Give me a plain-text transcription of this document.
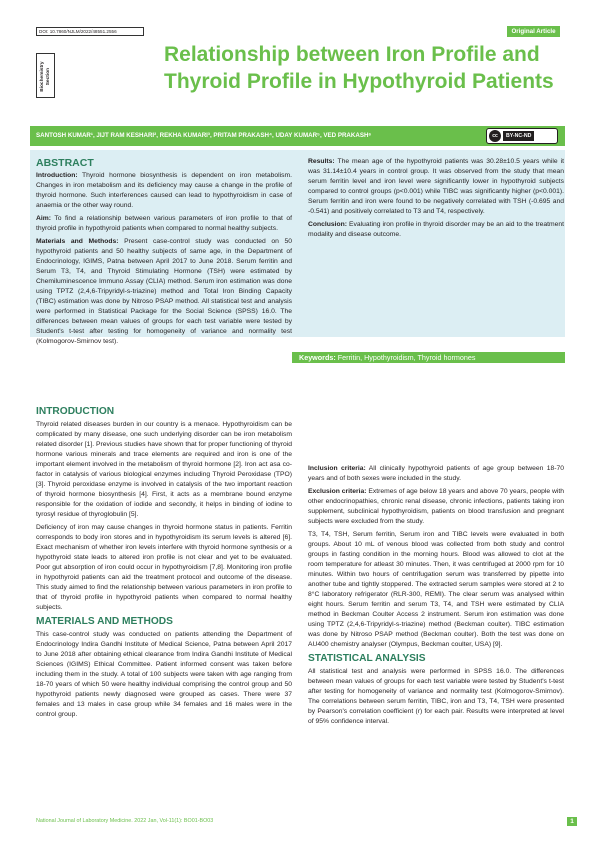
DOI: 10.7860/NJLM/2022/48551.2556	Original Article
Biochemistry Section
Relationship between Iron Profile and Thyroid Profile in Hypothyroid Patients
SANTOSH KUMAR¹, JIJT RAM KESHARI², REKHA KUMARI³, PRITAM PRAKASH⁴, UDAY KUMAR⁵, VED PRAKASH⁶	cc	BY-NC-ND
ABSTRACT

Introduction: Thyroid hormone biosynthesis is dependent on iron metabolism. Changes in iron metabolism and its deficiency may cause a change in the profile of thyroid hormone. Such interferences caused can lead to hypothyroidism in case of anaemia or the other way round.

Aim: To find a relationship between various parameters of iron profile to that of thyroid profile in hypothyroid patients when compared to normal healthy subjects.

Materials and Methods: Present case-control study was conducted on 50 hypothyroid patients and 50 healthy subjects of same age, in the Department of Endocrinology, IGIMS, Patna between April 2017 to June 2018. Serum ferritin and Serum T3, T4, and Thyroid Stimulating Hormone (TSH) were estimated by Chemiluminescence Immuno Assay (CLIA) method. Serum iron estimation was done using TPTZ (2,4,6-Tripyridyl-s-triazine) method and Total Iron Binding Capacity (TIBC) estimation was done by Nitroso PSAP method. All statistical test and analysis were performed in Statistical Package for the Social Science (SPSS) 16.0. The differences between mean values of groups for each test variable were tested by Student's t-test after testing for homogeneity of variance and normality test (Kolmogorov-Smirnov test).

Results: The mean age of the hypothyroid patients was 30.28±10.5 years while it was 31.14±10.4 years in control group. It was observed from the study that mean serum ferritin level and iron level were significantly lower in hypothyroid subjects compared to control groups (p<0.001) while TIBC was significantly higher (p<0.001). Serum ferritin and iron were found to be negatively correlated with TSH (-0.695 and -0.541) and positively correlated to T3 and T4, respectively.

Conclusion: Evaluating iron profile in thyroid disorder may be an aid to the treatment modality and disease outcome.

Keywords: Ferritin, Hypothyroidism, Thyroid hormones
INTRODUCTION

Thyroid related diseases burden in our country is a menace. Hypothyroidism can be complicated by many disease, one such underlying disorder can be iron metabolism related disorder [1]. Previous studies have shown that for proper functioning of thyroid hormone various minerals and trace elements are required and iron is one of the important element involved in the metabolism of thyroid hormone [2]. Iron act asa co-factor in catalysis of various biological enzymes including Thyroid Peroxidase (TPO) [3]. Thyroid peroxidase enzyme is involved in catalysis of the two important reaction of thyroid hormone biosynthesis [4]. First, it acts as a membrane bound enzyme responsible for the oxidation of iodide and secondly, it helps in binding of iodine to tyrosyl residue of thyroglobulin [5].

Deficiency of iron may cause changes in thyroid hormone status in patients. Ferritin corresponds to body iron stores and in hypothyroidism its serum levels is altered [6]. Exact mechanism of whether iron levels interfere with thyroid hormone synthesis or a hypothyroid state leads to altered iron profile is not clear and yet to be evaluated. Poor gut absorption of iron could occur in hypothyroidism [7,8]. Monitoring iron profile in hypothyroid patients can aid the treatment protocol and outcome of the disease. This study aimed to find the relationship between various parameters in iron profile to that of thyroid profile in hypothyroid patients when compared to normal healthy subjects.

MATERIALS AND METHODS

This case-control study was conducted on patients attending the Department of Endocrinology Indira Gandhi Institute of Medical Science, Patna between April 2017 to June 2018 after obtaining ethical clearance from Indira Gandhi Institute of Medical Sciences (IGIMS) Ethical Committee. Patient informed consent was taken before including them in the study. A total of 100 subjects were taken with age ranging from 18-70 years of which 50 were healthy individual comprising the control group and 50 hypothyroid patients newly diagnosed were grouped as cases. There were 37 females and 13 males in case group while 34 females and 16 males were in the control group.

Inclusion criteria: All clinically hypothyroid patients of age group between 18-70 years and of both sexes were included in the study.

Exclusion criteria: Extremes of age below 18 years and above 70 years, people with other endocrinopathies, chronic renal disease, chronic infections, patients taking iron supplement, subclinical hypothyroidism, patients on blood transfusion and pregnant subjects were excluded from the study.

T3, T4, TSH, Serum ferritin, Serum iron and TIBC levels were evaluated in both groups. About 10 mL of venous blood was collected from both study and control groups in fasting condition in the morning hours. Blood was allowed to clot at the room temperature for atleast 30 minutes. Then, it was centrifuged at 2000 rpm for 10 minutes. Within two hours of centrifugation serum was transferred by pipette into another tube and tightly stoppered. The extracted serum samples were stored at 2 to 8°C laboratory refrigerator (RLR-300, REMI). The clear serum was analysed within eight hours. Serum ferritin and serum T3, T4, and TSH were estimated by CLIA method in Beckman Coulter Access 2 instrument. Serum iron estimation was done using TPTZ (2,4,6-Tripyridyl-s-triazine) method (Beckman coulter). TIBC estimation was done by Nitroso PSAP method (Beckman coulter). Both the test was done on AU400 chemistry analyser (Olympus, Beckman coulter, USA) [9].

STATISTICAL ANALYSIS

All statistical test and analysis were performed in SPSS 16.0. The differences between mean values of groups for each test variable were tested by Student's t-test after testing for homogeneity of variance and normality test (Kolmogorov-Smirnov). The correlations between serum ferritin, TIBC, iron and T3, T4, TSH were presented by Pearson's correlation coefficient (r) for each pair. Results were interpreted at level of 95% confidence interval.

National Journal of Laboratory Medicine. 2022 Jan, Vol-11(1): BO01-BO03	1
